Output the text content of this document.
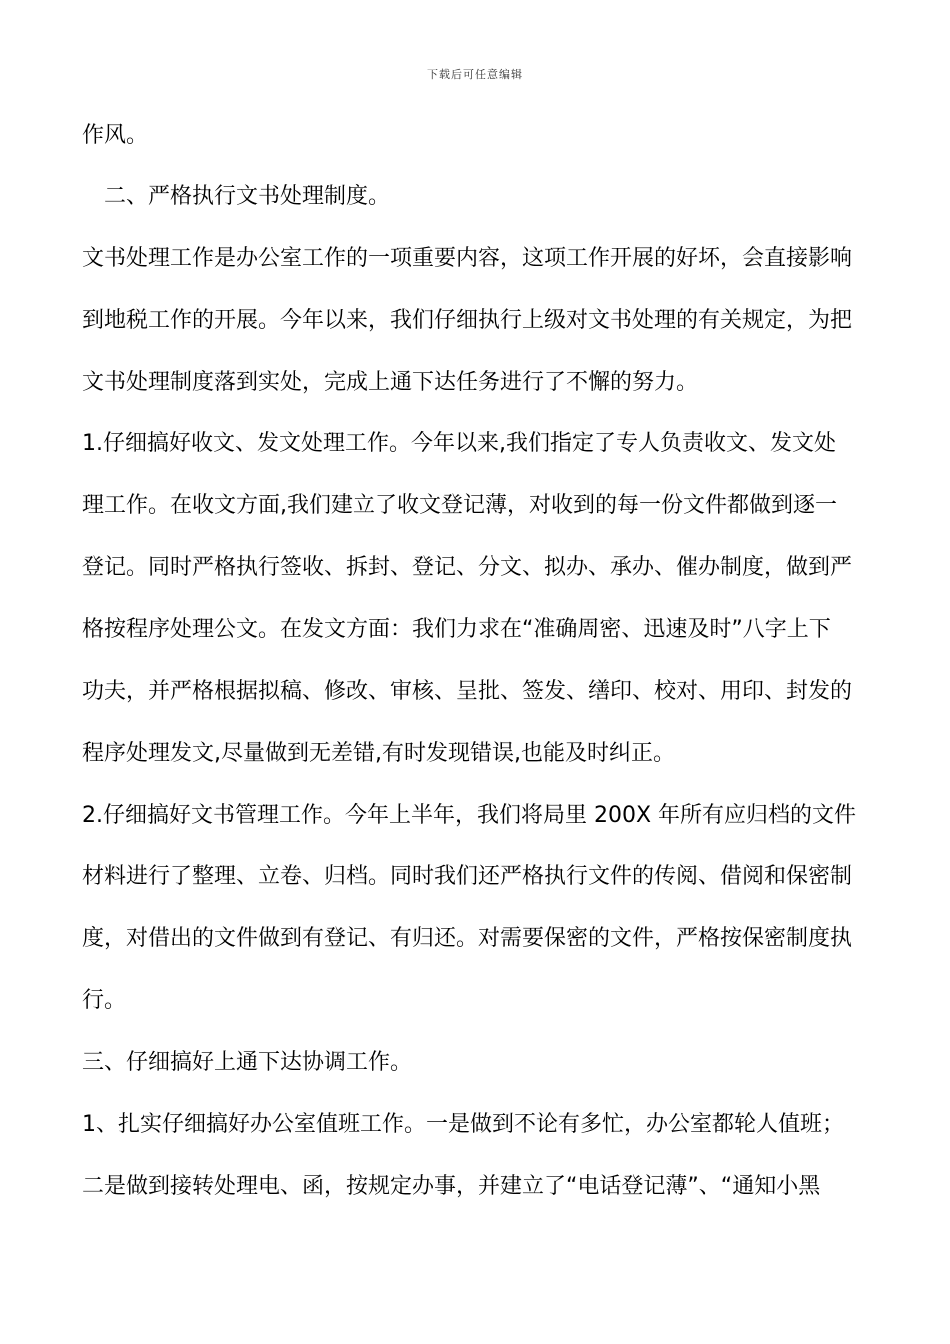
下载后可任意编辑
作风。
二、严格执行文书处理制度。
文书处理工作是办公室工作的一项重要内容，这项工作开展的好坏，会直接影响
到地税工作的开展。今年以来，我们仔细执行上级对文书处理的有关规定，为把
文书处理制度落到实处，完成上通下达任务进行了不懈的努力。
1.仔细搞好收文、发文处理工作。今年以来,我们指定了专人负责收文、发文处
理工作。在收文方面,我们建立了收文登记薄，对收到的每一份文件都做到逐一
登记。同时严格执行签收、拆封、登记、分文、拟办、承办、催办制度，做到严
格按程序处理公文。在发文方面：我们力求在“准确周密、迅速及时”八字上下
功夫，并严格根据拟稿、修改、审核、呈批、签发、缮印、校对、用印、封发的
程序处理发文,尽量做到无差错,有时发现错误,也能及时纠正。
2.仔细搞好文书管理工作。今年上半年，我们将局里 200X 年所有应归档的文件
材料进行了整理、立卷、归档。同时我们还严格执行文件的传阅、借阅和保密制
度，对借出的文件做到有登记、有归还。对需要保密的文件，严格按保密制度执
行。
三、仔细搞好上通下达协调工作。
1、扎实仔细搞好办公室值班工作。一是做到不论有多忙，办公室都轮人值班；
二是做到接转处理电、函，按规定办事，并建立了“电话登记薄”、“通知小黑
